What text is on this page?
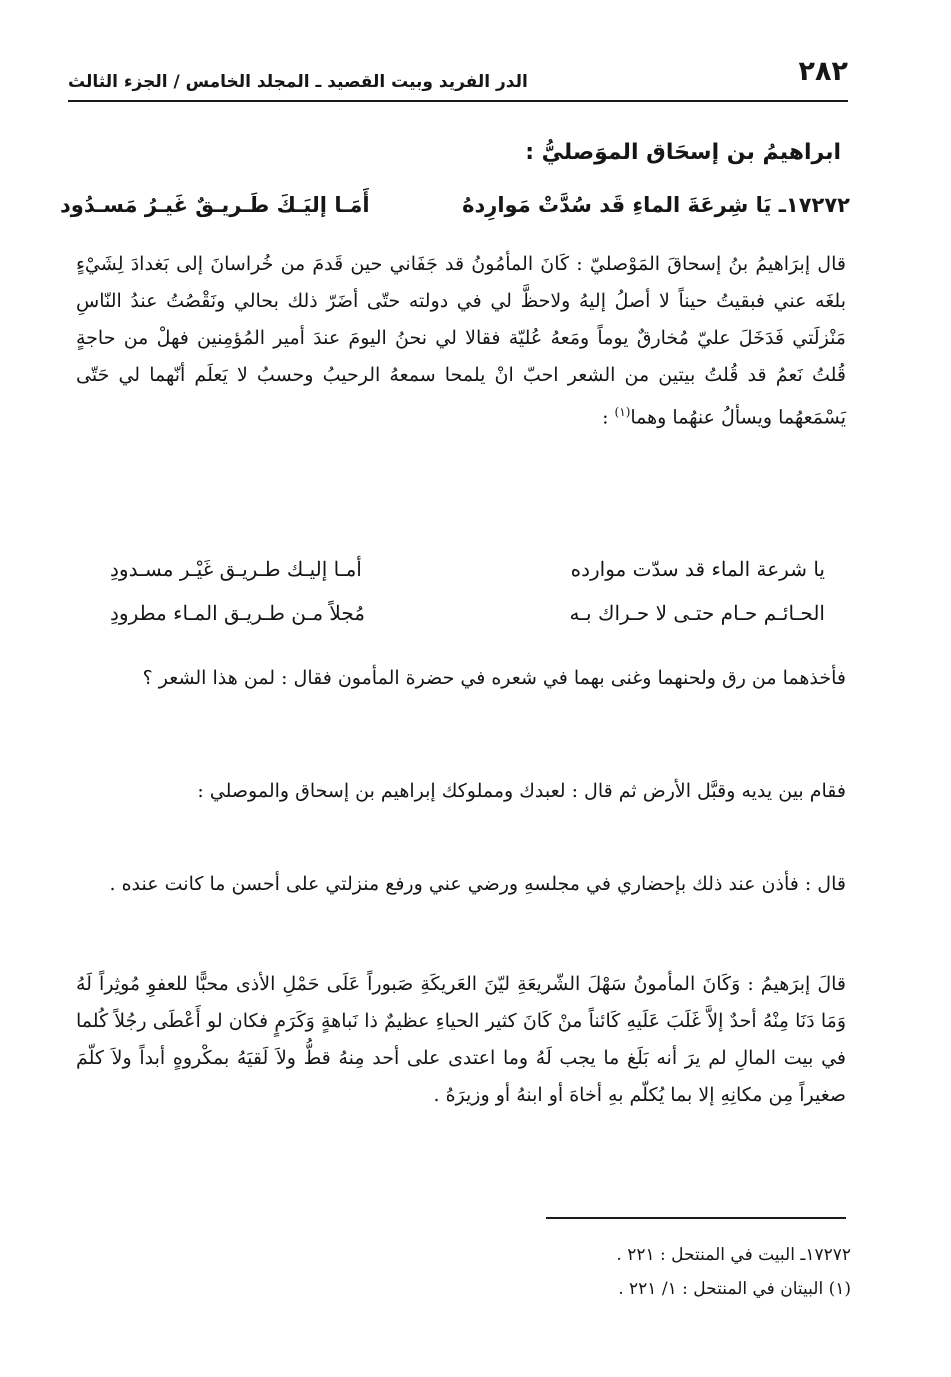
٢٨٢
الدر الفريد وبيت القصيد ـ المجلد الخامس / الجزء الثالث
ابراهيمُ بن إسحَاق الموَصليُّ :
١٧٢٧٢ـ يَا شِرعَةَ الماءِ قَد سُدَّتْ مَوارِدهُ
أَمَـا إليَـكَ طَـريـقٌ غَيـرُ مَسـدُود

قال إبرَاهيمُ بنُ إسحاقَ المَوْصليّ : كَانَ المأمُونُ قد جَفَاني حين قَدمَ من خُراسانَ إلى بَغدادَ لِشَيْءٍ بلغَه عني فبقيتُ حيناً لا أصلُ إليهُ ولاحظَّ لي في دولته حتّى أضَرّ ذلك بحالي ونَقْصُتُ عندُ النّاسِ مَنْزلَتي فَدَخَلَ عليّ مُخارقٌ يوماً ومَعهُ عُليّة فقالا لي نحنُ اليومَ عندَ أمير المُؤمِنين فهلْ من حاجةٍ قُلتُ نَعمُ قد قُلتُ بيتين من الشعر احبّ انْ يلمحا سمعهُ الرحيبُ وحسبُ لا يَعلَم أنّهما لي حَتّى يَسْمَعهُما ويسألُ عنهُما وهما$^{(١)}$ :

يا شرعة الماء قد سدّت موارده
أمـا إليـك طـريـق غَيْـر مسـدودِ
الحـائـم حـام حتـى لا حـراك بـه
مُجلاً مـن طـريـق المـاء مطرودِ

فأخذهما من رق ولحنهما وغنى بهما في شعره في حضرة المأمون فقال : لمن هذا الشعر ؟

فقام بين يديه وقبَّل الأرض ثم قال : لعبدك ومملوكك إبراهيم بن إسحاق والموصلي :

قال : فأذن عند ذلك بإحضاري في مجلسهِ ورضي عني ورفع منزلتي على أحسن ما كانت عنده .

قالَ إبرَهيمُ : وَكَانَ المأمونُ سَهْلَ الشّريعَةِ ليّنَ العَريكَةِ صَبوراً عَلَى حَمْلِ الأذى محبًّا للعفوِ مُوثِراً لَهُ وَمَا دَنَا مِنْهُ أحدٌ إلاَّ غَلَبَ عَلَيهِ كَائناً منْ كَانَ كثير الحياءِ عظيمٌ ذا نَباهةٍ وَكَرَمٍ فكان لو أَعْطَى رجُلاً كُلما في بيت المالِ لم يرَ أنه بَلَغ ما يجب لَهُ وما اعتدى على أحد مِنهُ قطُّ ولاَ لَقيَهُ بمكْروهٍ أبداً ولاَ كلّمَ صغيراً مِن مكانِهِ إلا بما يُكلّم بهِ أخاهَ أو ابنهُ أو وزيرَهُ .

١٧٢٧٢ـ البيت في المنتحل : ٢٢١ .
(١) البيتان في المنتحل : ١/ ٢٢١ .
